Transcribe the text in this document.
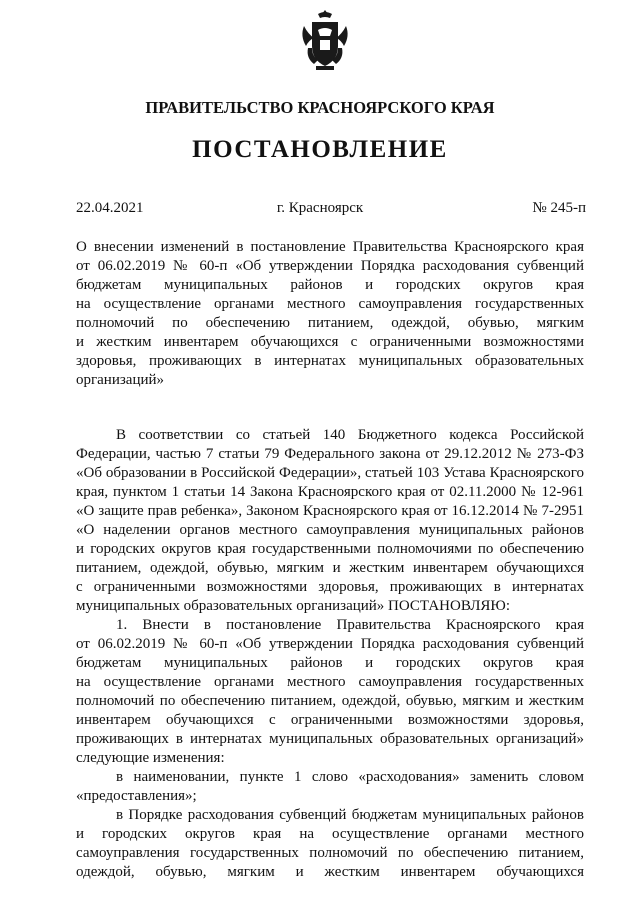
ПРАВИТЕЛЬСТВО КРАСНОЯРСКОГО КРАЯ
ПОСТАНОВЛЕНИЕ
22.04.2021	г. Красноярск	№ 245-п
О внесении изменений в постановление Правительства Красноярского края
от 06.02.2019 № 60-п «Об утверждении Порядка расходования субвенций
бюджетам муниципальных районов и городских округов края
на осуществление органами местного самоуправления государственных
полномочий по обеспечению питанием, одеждой, обувью, мягким
и жестким инвентарем обучающихся с ограниченными возможностями
здоровья, проживающих в интернатах муниципальных образовательных
организаций»
В соответствии со статьей 140 Бюджетного кодекса Российской
Федерации, частью 7 статьи 79 Федерального закона от 29.12.2012 № 273-ФЗ
«Об образовании в Российской Федерации», статьей 103 Устава Красноярского
края, пунктом 1 статьи 14 Закона Красноярского края от 02.11.2000 № 12-961
«О защите прав ребенка», Законом Красноярского края от 16.12.2014 № 7-2951
«О наделении органов местного самоуправления муниципальных районов
и городских округов края государственными полномочиями по обеспечению
питанием, одеждой, обувью, мягким и жестким инвентарем обучающихся
с ограниченными возможностями здоровья, проживающих в интернатах
муниципальных образовательных организаций» ПОСТАНОВЛЯЮ:
1. Внести в постановление Правительства Красноярского края
от 06.02.2019 № 60-п «Об утверждении Порядка расходования субвенций
бюджетам муниципальных районов и городских округов края
на осуществление органами местного самоуправления государственных
полномочий по обеспечению питанием, одеждой, обувью, мягким и жестким
инвентарем обучающихся с ограниченными возможностями здоровья,
проживающих в интернатах муниципальных образовательных организаций»
следующие изменения:
в наименовании, пункте 1 слово «расходования» заменить словом
«предоставления»;
в Порядке расходования субвенций бюджетам муниципальных районов
и городских округов края на осуществление органами местного
самоуправления государственных полномочий по обеспечению питанием,
одеждой, обувью, мягким и жестким инвентарем обучающихся
